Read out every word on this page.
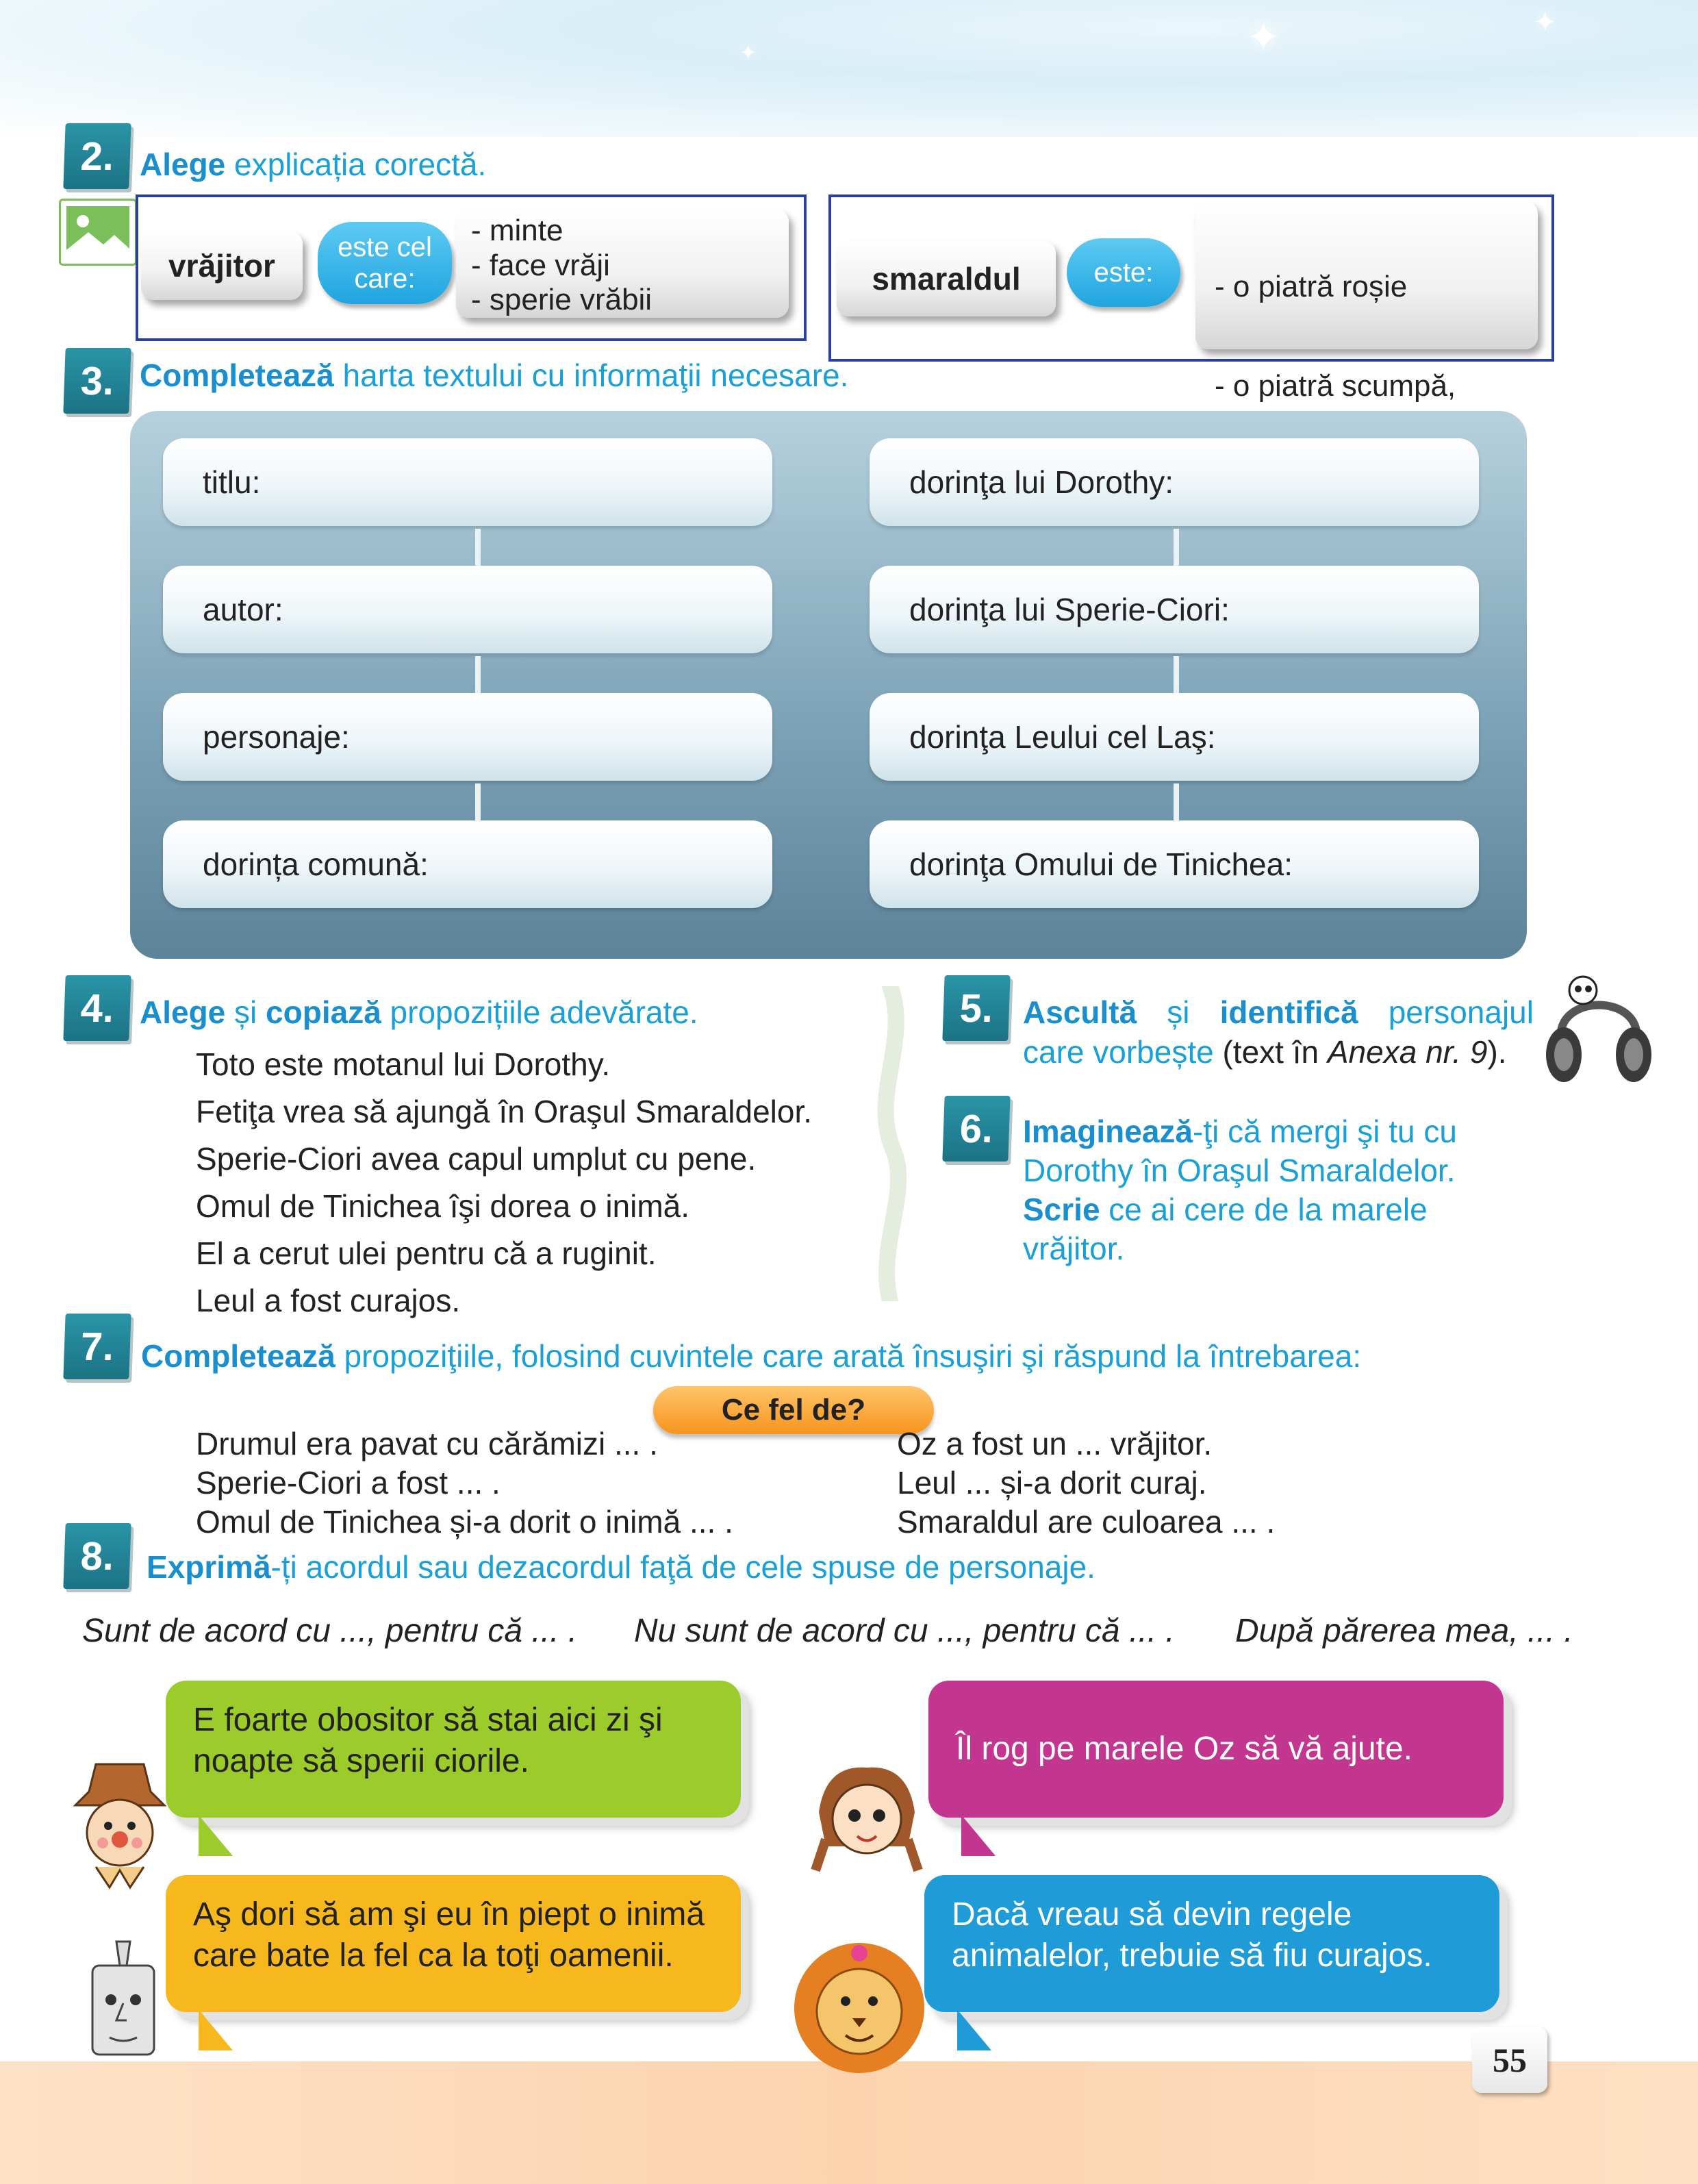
✦	✦
✦
2. Alege explicația corectă.
vrăjitor
este cel care:
- minte
- face vrăji
- sperie vrăbii
smaraldul	este:

	- o piatră roșie

- o piatră scumpă,

3. Completează harta textului cu informaţii necesare.
titlu:
autor:
personaje:
dorința comună:
dorinţa lui Dorothy:
dorinţa lui Sperie-Ciori:
dorinţa Leului cel Laş:
dorinţa Omului de Tinichea:
4. Alege și copiază propozițiile adevărate.
Toto este motanul lui Dorothy.
Fetiţa vrea să ajungă în Oraşul Smaraldelor.
Sperie-Ciori avea capul umplut cu pene.
Omul de Tinichea îşi dorea o inimă.
El a cerut ulei pentru că a ruginit.
Leul a fost curajos.
5. Ascultă și identifică personajul
care vorbește (text în Anexa nr. 9).
6. Imaginează-ţi că mergi şi tu cu
Dorothy în Oraşul Smaraldelor.
Scrie ce ai cere de la marele
vrăjitor.
7. Completează propoziţiile, folosind cuvintele care arată însuşiri şi răspund la întrebarea:
Ce fel de?
Drumul era pavat cu cărămizi ... .
Sperie-Ciori a fost ... .
Omul de Tinichea și-a dorit o inimă ... .
Oz a fost un ... vrăjitor.
Leul ... și-a dorit curaj.
Smaraldul are culoarea ... .
8.	Exprimă-ți acordul sau dezacordul faţă de cele spuse de personaje.
Sunt de acord cu ..., pentru că ... . Nu sunt de acord cu ..., pentru că ... . După părerea mea, ... .
E foarte obositor să stai aici zi şi noapte să sperii ciorile.	Îl rog pe marele Oz să vă ajute.
Aş dori să am şi eu în piept o inimă care bate la fel ca la toţi oamenii.
Dacă vreau să devin regele animalelor, trebuie să fiu curajos.
55
